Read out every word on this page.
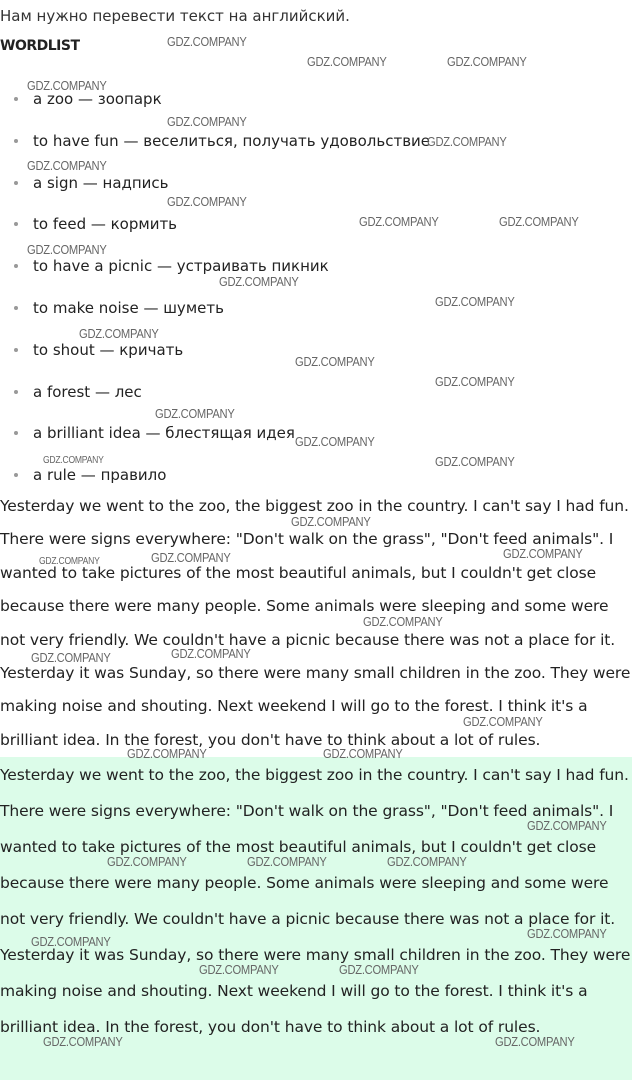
Нам нужно перевести текст на английский.
WORDLIST
a zoo — зоопарк
to have fun — веселиться, получать удовольствие
a sign — надпись
to feed — кормить
to have a picnic — устраивать пикник
to make noise — шуметь
to shout — кричать
a forest — лес
a brilliant idea — блестящая идея
a rule — правило

Yesterday we went to the zoo, the biggest zoo in the country. I can't say I had fun. There were signs everywhere: "Don't walk on the grass", "Don't feed animals". I wanted to take pictures of the most beautiful animals, but I couldn't get close because there were many people. Some animals were sleeping and some were not very friendly. We couldn't have a picnic because there was not a place for it. Yesterday it was Sunday, so there were many small children in the zoo. They were making noise and shouting. Next weekend I will go to the forest. I think it's a brilliant idea. In the forest, you don't have to think about a lot of rules.

Yesterday we went to the zoo, the biggest zoo in the country. I can't say I had fun. There were signs everywhere: "Don't walk on the grass", "Don't feed animals". I wanted to take pictures of the most beautiful animals, but I couldn't get close because there were many people. Some animals were sleeping and some were not very friendly. We couldn't have a picnic because there was not a place for it. Yesterday it was Sunday, so there were many small children in the zoo. They were making noise and shouting. Next weekend I will go to the forest. I think it's a brilliant idea. In the forest, you don't have to think about a lot of rules.

GDZ.COMPANY
GDZ.COMPANY	GDZ.COMPANY
GDZ.COMPANY
GDZ.COMPANY
GDZ.COMPANY
GDZ.COMPANY
GDZ.COMPANY
GDZ.COMPANY	GDZ.COMPANY
GDZ.COMPANY
GDZ.COMPANY
GDZ.COMPANY
GDZ.COMPANY
GDZ.COMPANY
GDZ.COMPANY
GDZ.COMPANY
GDZ.COMPANY
GDZ.COMPANY	GDZ.COMPANY
GDZ.COMPANY
GDZ.COMPANY	GDZ.COMPANY	GDZ.COMPANY
GDZ.COMPANY
GDZ.COMPANY
GDZ.COMPANY
GDZ.COMPANY
GDZ.COMPANY	GDZ.COMPANY
GDZ.COMPANY
GDZ.COMPANY	GDZ.COMPANY	GDZ.COMPANY
GDZ.COMPANY
GDZ.COMPANY
GDZ.COMPANY	GDZ.COMPANY
GDZ.COMPANY	GDZ.COMPANY
